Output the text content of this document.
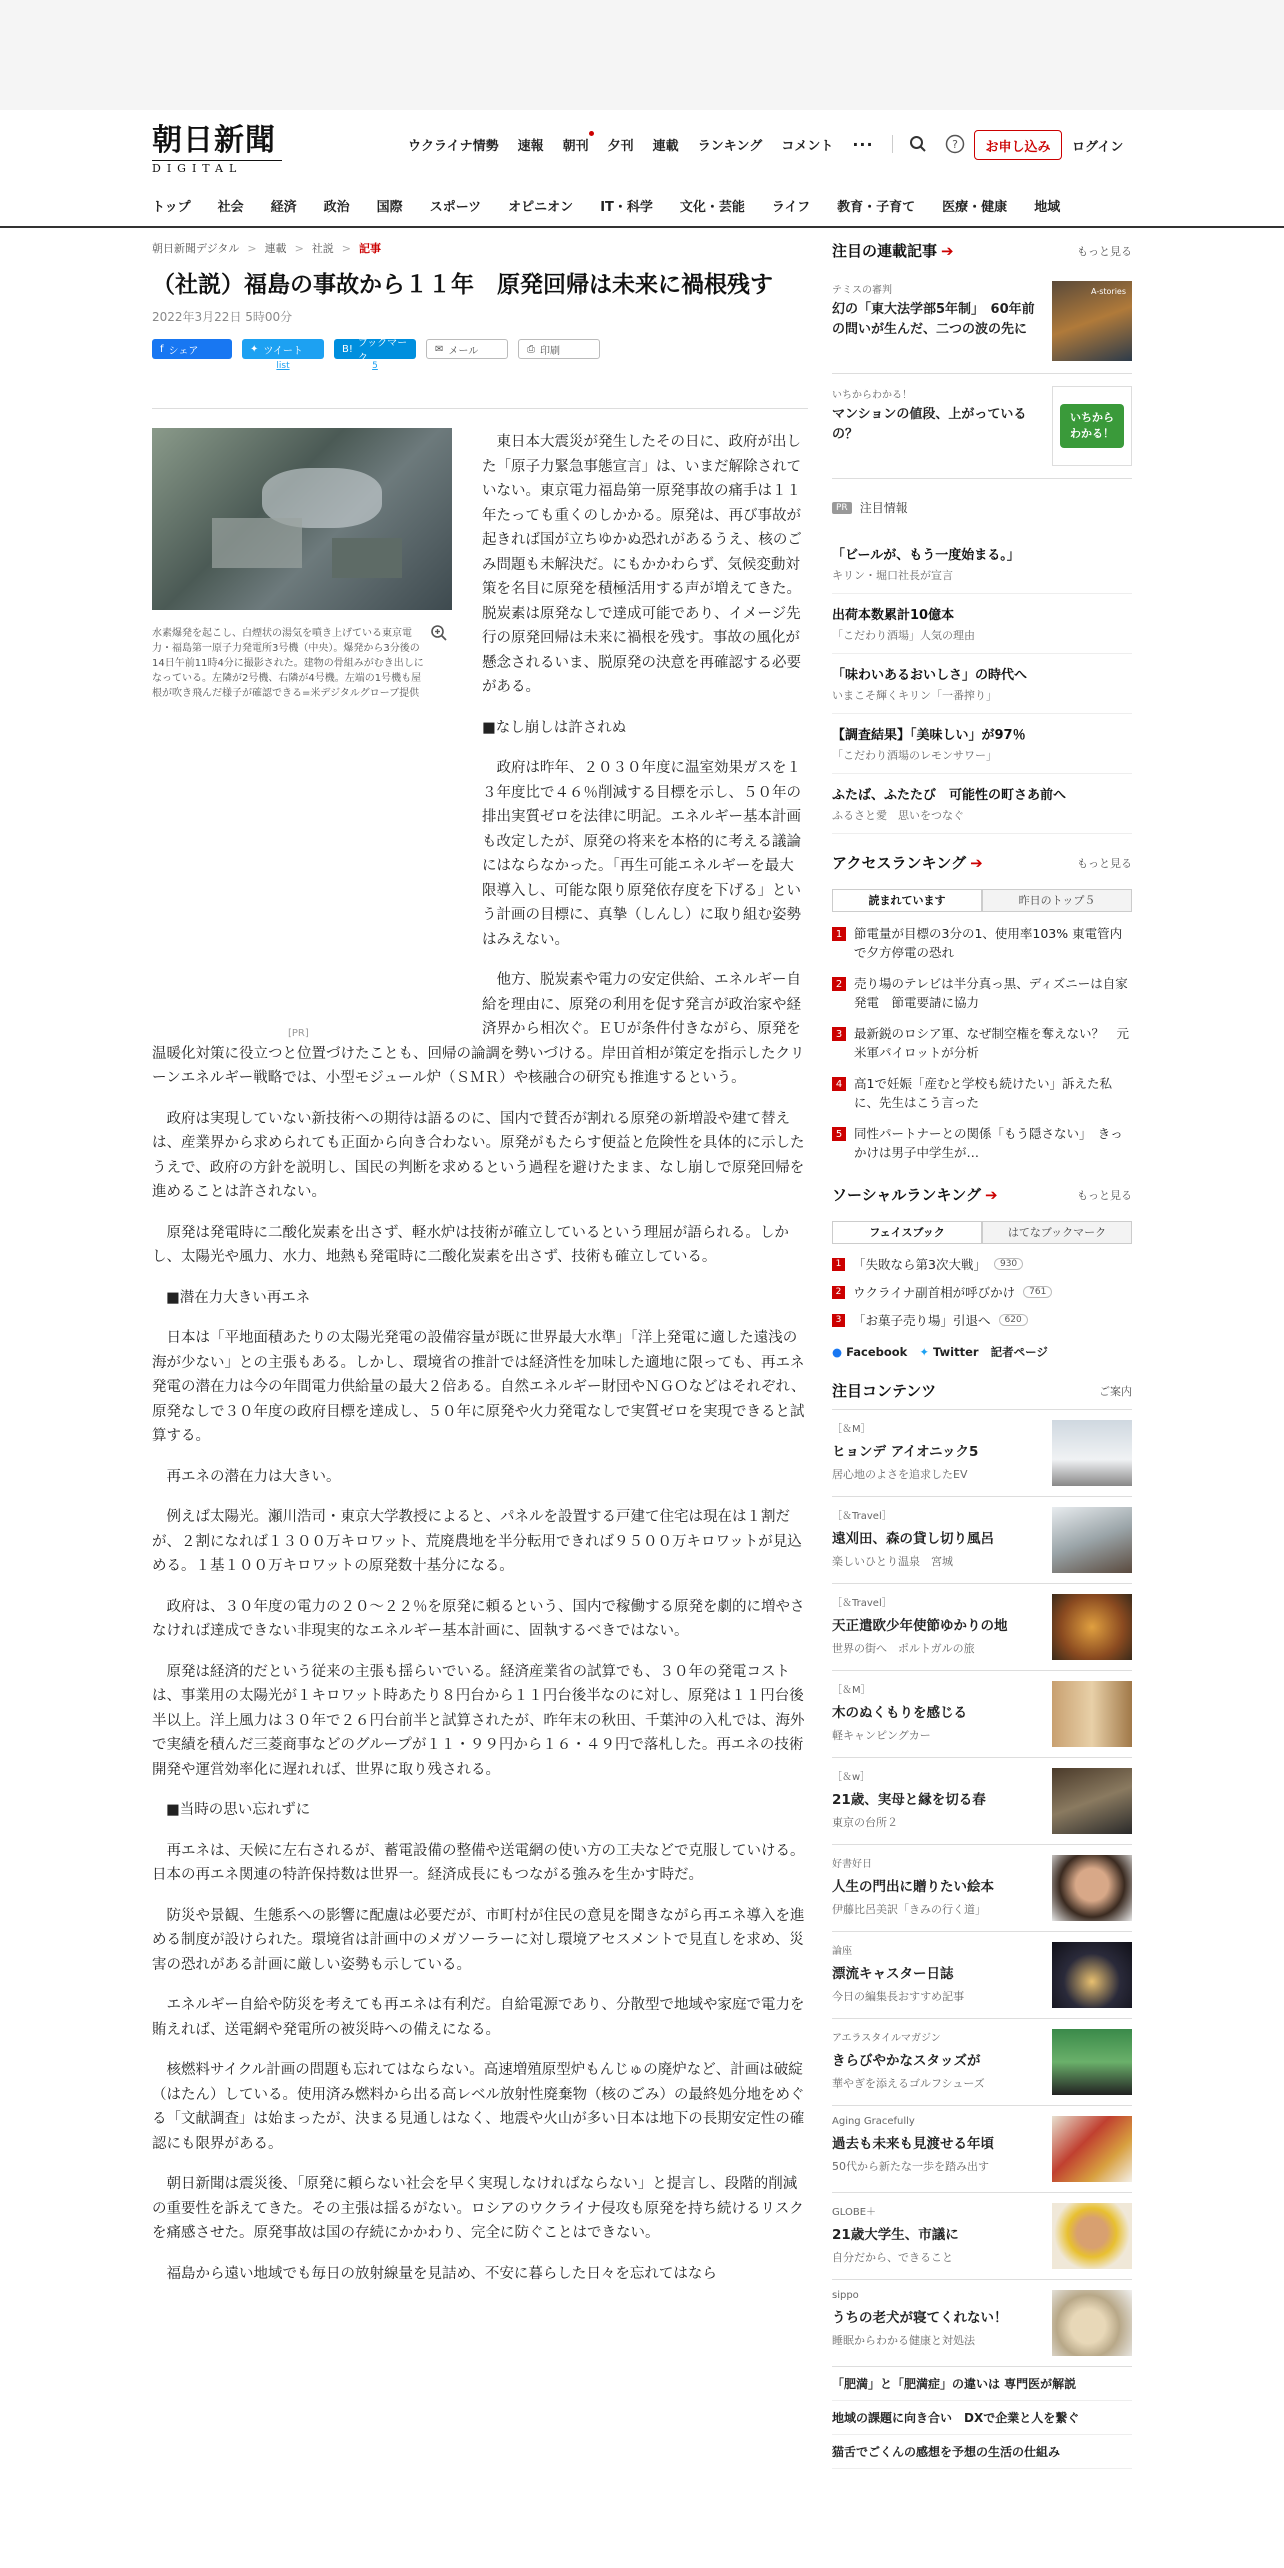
朝日新聞
DIGITAL
ウクライナ情勢 速報 朝刊 夕刊 連載 ランキング コメント ···	?	お申し込み	ログイン
トップ 社会 経済 政治 国際 スポーツ オピニオン IT・科学 文化・芸能 ライフ 教育・子育て 医療・健康 地域
朝日新聞デジタル > 連載 > 社説 > 記事
（社説）福島の事故から１１年　原発回帰は未来に禍根残す
2022年3月22日 5時00分
f シェア	✦ ツイート
list
B! ブックマーク
5
✉ メール	⎙ 印刷

東日本大震災が発生したその日に、政府が出した「原子力緊急事態宣言」は、いまだ解除されていない。東京電力福島第一原発事故の痛手は１１年たっても重くのしかかる。原発は、再び事故が起きれば国が立ちゆかぬ恐れがあるうえ、核のごみ問題も未解決だ。にもかかわらず、気候変動対策を名目に原発を積極活用する声が増えてきた。脱炭素は原発なしで達成可能であり、イメージ先行の原発回帰は未来に禍根を残す。事故の風化が懸念されるいま、脱原発の決意を再確認する必要がある。

■なし崩しは許されぬ

政府は昨年、２０３０年度に温室効果ガスを１３年度比で４６％削減する目標を示し、５０年の排出実質ゼロを法律に明記。エネルギー基本計画も改定したが、原発の将来を本格的に考える議論にはならなかった。「再生可能エネルギーを最大限導入し、可能な限り原発依存度を下げる」という計画の目標に、真摯（しんし）に取り組む姿勢はみえない。

他方、脱炭素や電力の安定供給、エネルギー自給を理由に、原発の利用を促す発言が政治家や経済界から相次ぐ。ＥＵが条件付きながら、原発を温暖化対策に役立つと位置づけたことも、回帰の論調を勢いづける。岸田首相が策定を指示したクリーンエネルギー戦略では、小型モジュール炉（ＳＭＲ）や核融合の研究も推進するという。

政府は実現していない新技術への期待は語るのに、国内で賛否が割れる原発の新増設や建て替えは、産業界から求められても正面から向き合わない。原発がもたらす便益と危険性を具体的に示したうえで、政府の方針を説明し、国民の判断を求めるという過程を避けたまま、なし崩しで原発回帰を進めることは許されない。

原発は発電時に二酸化炭素を出さず、軽水炉は技術が確立しているという理屈が語られる。しかし、太陽光や風力、水力、地熱も発電時に二酸化炭素を出さず、技術も確立している。

■潜在力大きい再エネ

日本は「平地面積あたりの太陽光発電の設備容量が既に世界最大水準」「洋上発電に適した遠浅の海が少ない」との主張もある。しかし、環境省の推計では経済性を加味した適地に限っても、再エネ発電の潜在力は今の年間電力供給量の最大２倍ある。自然エネルギー財団やＮＧＯなどはそれぞれ、原発なしで３０年度の政府目標を達成し、５０年に原発や火力発電なしで実質ゼロを実現できると試算する。

再エネの潜在力は大きい。

例えば太陽光。瀬川浩司・東京大学教授によると、パネルを設置する戸建て住宅は現在は１割だが、２割になれば１３００万キロワット、荒廃農地を半分転用できれば９５００万キロワットが見込める。１基１００万キロワットの原発数十基分になる。

政府は、３０年度の電力の２０～２２％を原発に頼るという、国内で稼働する原発を劇的に増やさなければ達成できない非現実的なエネルギー基本計画に、固執するべきではない。

原発は経済的だという従来の主張も揺らいでいる。経済産業省の試算でも、３０年の発電コストは、事業用の太陽光が１キロワット時あたり８円台から１１円台後半なのに対し、原発は１１円台後半以上。洋上風力は３０年で２６円台前半と試算されたが、昨年末の秋田、千葉沖の入札では、海外で実績を積んだ三菱商事などのグループが１１・９９円から１６・４９円で落札した。再エネの技術開発や運営効率化に遅れれば、世界に取り残される。

■当時の思い忘れずに

再エネは、天候に左右されるが、蓄電設備の整備や送電網の使い方の工夫などで克服していける。日本の再エネ関連の特許保持数は世界一。経済成長にもつながる強みを生かす時だ。

防災や景観、生態系への影響に配慮は必要だが、市町村が住民の意見を聞きながら再エネ導入を進める制度が設けられた。環境省は計画中のメガソーラーに対し環境アセスメントで見直しを求め、災害の恐れがある計画に厳しい姿勢も示している。

エネルギー自給や防災を考えても再エネは有利だ。自給電源であり、分散型で地域や家庭で電力を賄えれば、送電網や発電所の被災時への備えになる。

核燃料サイクル計画の問題も忘れてはならない。高速増殖原型炉もんじゅの廃炉など、計画は破綻（はたん）している。使用済み燃料から出る高レベル放射性廃棄物（核のごみ）の最終処分地をめぐる「文献調査」は始まったが、決まる見通しはなく、地震や火山が多い日本は地下の長期安定性の確認にも限界がある。

朝日新聞は震災後、「原発に頼らない社会を早く実現しなければならない」と提言し、段階的削減の重要性を訴えてきた。その主張は揺るがない。ロシアのウクライナ侵攻も原発を持ち続けるリスクを痛感させた。原発事故は国の存続にかかわり、完全に防ぐことはできない。

福島から遠い地域でも毎日の放射線量を見詰め、不安に暮らした日々を忘れてはなら

水素爆発を起こし、白煙状の湯気を噴き上げている東京電力・福島第一原子力発電所3号機（中央）。爆発から3分後の14日午前11時4分に撮影された。建物の骨組みがむき出しになっている。左隣が2号機、右隣が4号機。左端の1号機も屋根が吹き飛んだ様子が確認できる=米デジタルグローブ提供
[PR]
注目の連載記事 ➔	もっと見る
テミスの審判
幻の「東大法学部5年制」　60年前の問いが生んだ、二つの波の先に
A-stories
いちからわかる！
マンションの値段、上がっているの？
いちから わかる！
PR	注目情報
「ビールが、もう一度始まる。」
キリン・堀口社長が宣言
出荷本数累計10億本
「こだわり酒場」人気の理由
「味わいあるおいしさ」の時代へ
いまこそ輝くキリン「一番搾り」
【調査結果】「美味しい」が97％
「こだわり酒場のレモンサワー」
ふたば、ふたたび　可能性の町さあ前へ
ふるさと愛　思いをつなぐ
アクセスランキング ➔	もっと見る
読まれています	昨日のトップ５
1 節電量が目標の3分の1、使用率103% 東電管内で夕方停電の恐れ
2 売り場のテレビは半分真っ黒、ディズニーは自家発電　節電要請に協力
3 最新鋭のロシア軍、なぜ制空権を奪えない？　元米軍パイロットが分析
4 高1で妊娠「産むと学校も続けたい」訴えた私に、先生はこう言った
5 同性パートナーとの関係「もう隠さない」　きっかけは男子中学生が…
ソーシャルランキング ➔	もっと見る
フェイスブック	はてなブックマーク
1 「失敗なら第3次大戦」	930
2 ウクライナ副首相が呼びかけ	761
3 「お菓子売り場」引退へ	620
● Facebook ✦ Twitter 記者ページ
注目コンテンツ	ご案内
［＆M］
ヒョンデ アイオニック5
居心地のよさを追求したEV
［＆Travel］
遠刈田、森の貸し切り風呂
楽しいひとり温泉　宮城
［＆Travel］
天正遣欧少年使節ゆかりの地
世界の街へ　ポルトガルの旅
［＆M］
木のぬくもりを感じる
軽キャンピングカー
［＆w］
21歳、実母と縁を切る春
東京の台所２
好書好日
人生の門出に贈りたい絵本
伊藤比呂美訳「きみの行く道」
論座
漂流キャスター日誌
今日の編集長おすすめ記事
アエラスタイルマガジン
きらびやかなスタッズが
華やぎを添えるゴルフシューズ
Aging Gracefully
過去も未来も見渡せる年頃
50代から新たな一歩を踏み出す
GLOBE＋
21歳大学生、市議に
自分だから、できること
sippo
うちの老犬が寝てくれない！
睡眠からわかる健康と対処法
「肥満」と「肥満症」の違いは 専門医が解説
地域の課題に向き合い　DXで企業と人を繋ぐ
猫舌でごくんの感想を予想の生活の仕組み
